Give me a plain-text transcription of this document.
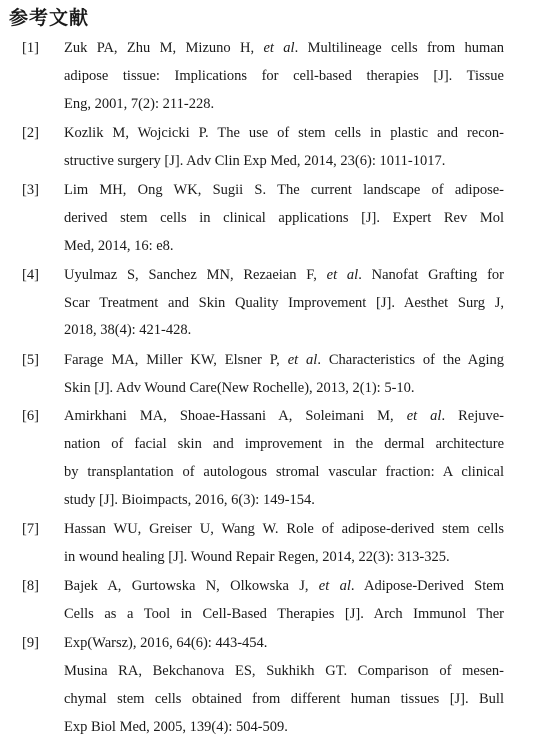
参考文献
[1] Zuk PA, Zhu M, Mizuno H, et al. Multilineage cells from human
adipose tissue: Implications for cell-based therapies [J]. Tissue
Eng, 2001, 7(2): 211-228.
[2] Kozlik M, Wojcicki P. The use of stem cells in plastic and recon-
structive surgery [J]. Adv Clin Exp Med, 2014, 23(6): 1011-1017.
[3] Lim MH, Ong WK, Sugii S. The current landscape of adipose-
derived stem cells in clinical applications [J]. Expert Rev Mol
Med, 2014, 16: e8.
[4] Uyulmaz S, Sanchez MN, Rezaeian F, et al. Nanofat Grafting for
Scar Treatment and Skin Quality Improvement [J]. Aesthet Surg J,
2018, 38(4): 421-428.
[5] Farage MA, Miller KW, Elsner P, et al. Characteristics of the Aging
Skin [J]. Adv Wound Care(New Rochelle), 2013, 2(1): 5-10.
[6] Amirkhani MA, Shoae-Hassani A, Soleimani M, et al. Rejuve-
nation of facial skin and improvement in the dermal architecture
by transplantation of autologous stromal vascular fraction: A clinical
study [J]. Bioimpacts, 2016, 6(3): 149-154.
[7] Hassan WU, Greiser U, Wang W. Role of adipose-derived stem cells
in wound healing [J]. Wound Repair Regen, 2014, 22(3): 313-325.
[8] Bajek A, Gurtowska N, Olkowska J, et al. Adipose-Derived Stem
Cells as a Tool in Cell-Based Therapies [J]. Arch Immunol Ther
Exp(Warsz), 2016, 64(6): 443-454.
[9]
Musina RA, Bekchanova ES, Sukhikh GT. Comparison of mesen-
chymal stem cells obtained from different human tissues [J]. Bull
Exp Biol Med, 2005, 139(4): 504-509.
